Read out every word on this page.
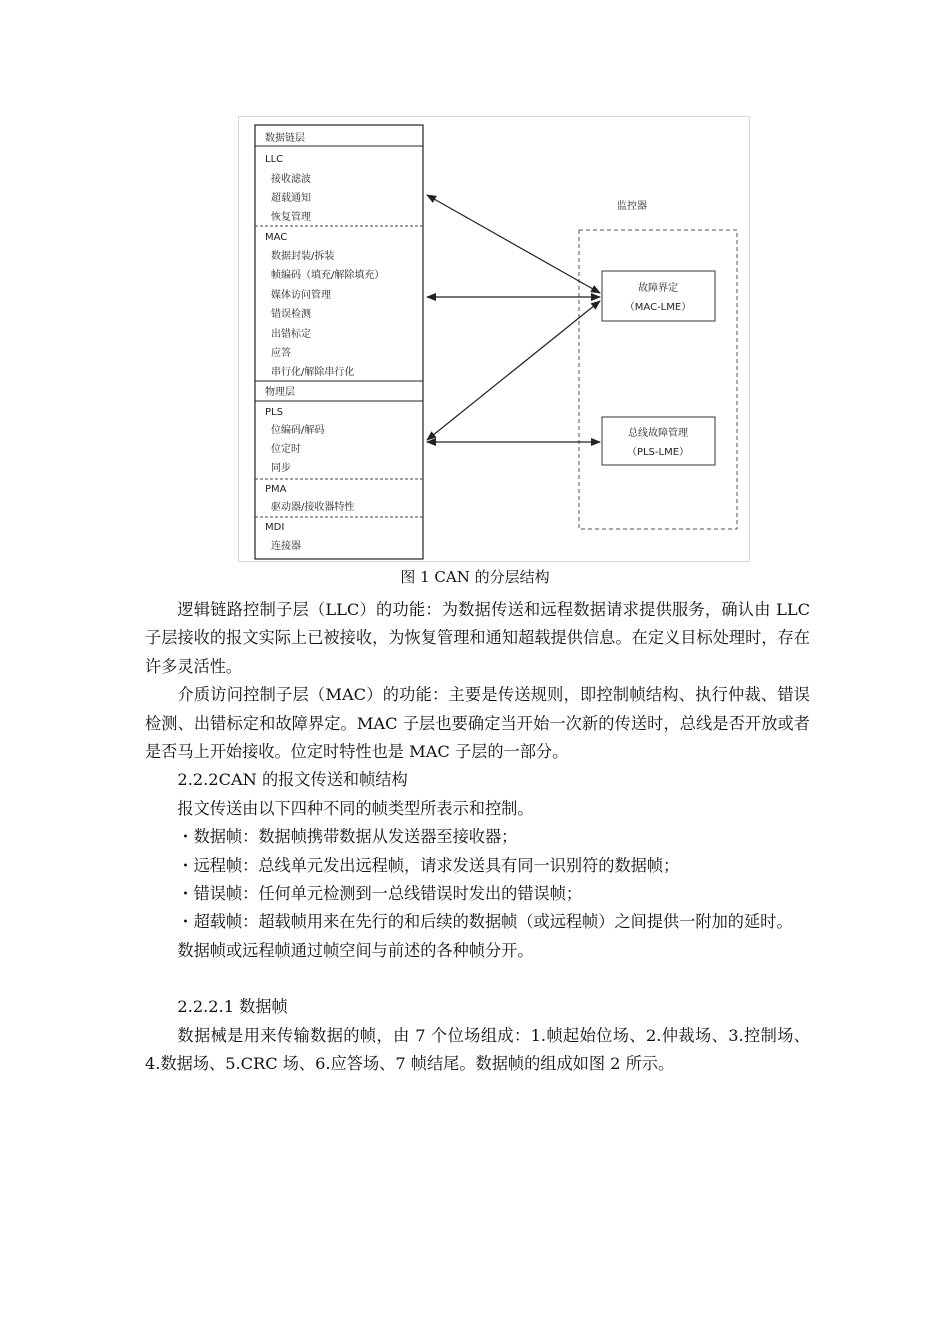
数据链层
LLC
接收滤波
超载通知
恢复管理
MAC
数据封装/拆装
帧编码（填充/解除填充）
媒体访问管理
错误检测
出错标定
应答
串行化/解除串行化
物理层
PLS
位编码/解码
位定时
同步
PMA
驱动器/接收器特性
MDI
连接器
监控器
故障界定
（MAC-LME）
总线故障管理
（PLS-LME）
图 1 CAN 的分层结构

逻辑链路控制子层（LLC）的功能：为数据传送和远程数据请求提供服务，确认由 LLC 子层接收的报文实际上已被接收，为恢复管理和通知超载提供信息。在定义目标处理时，存在许多灵活性。

介质访问控制子层（MAC）的功能：主要是传送规则，即控制帧结构、执行仲裁、错误检测、出错标定和故障界定。MAC 子层也要确定当开始一次新的传送时，总线是否开放或者是否马上开始接收。位定时特性也是 MAC 子层的一部分。

2.2.2CAN 的报文传送和帧结构

报文传送由以下四种不同的帧类型所表示和控制。

・数据帧：数据帧携带数据从发送器至接收器；

・远程帧：总线单元发出远程帧，请求发送具有同一识别符的数据帧；

・错误帧：任何单元检测到一总线错误时发出的错误帧；

・超载帧：超载帧用来在先行的和后续的数据帧（或远程帧）之间提供一附加的延时。

数据帧或远程帧通过帧空间与前述的各种帧分开。

2.2.2.1 数据帧

数据械是用来传输数据的帧，由 7 个位场组成：1.帧起始位场、2.仲裁场、3.控制场、4.数据场、5.CRC 场、6.应答场、7 帧结尾。数据帧的组成如图 2 所示。
